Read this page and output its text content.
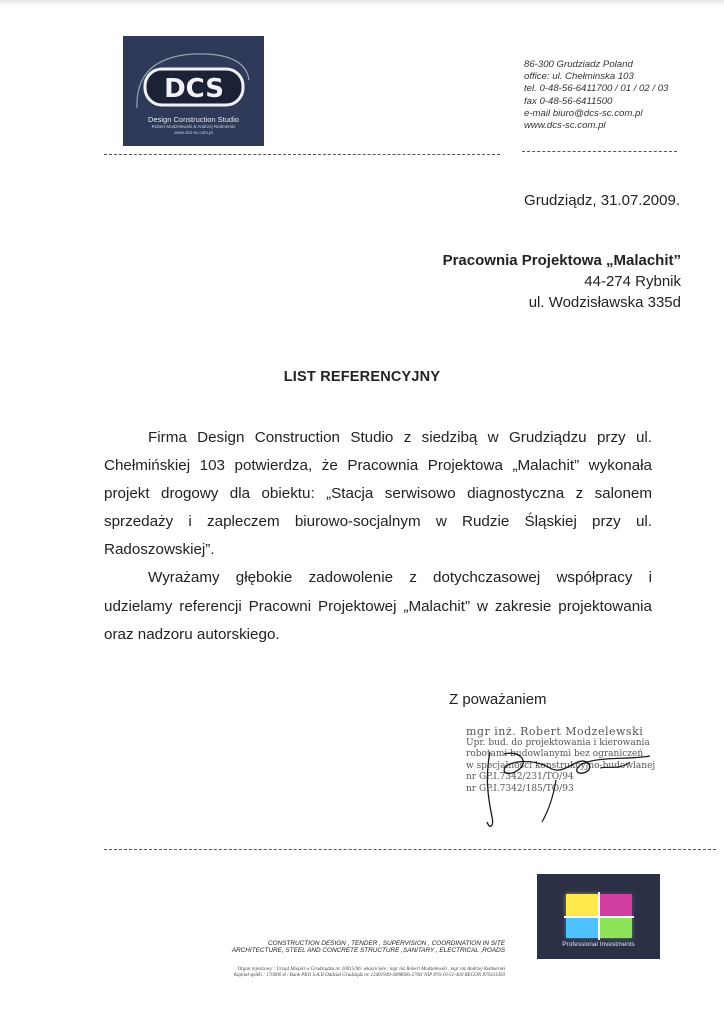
DCS
Design Construction Studio
Robert Modzelewski & Andrzej Redmerski
www.dcs-sc.com.pl
86-300 Grudziadz Poland
office: ul. Chełminska 103
tel. 0-48-56-6411700 / 01 / 02 / 03
fax 0-48-56-6411500
e-mail biuro@dcs-sc.com.pl
www.dcs-sc.com.pl
Grudziądz, 31.07.2009.
Pracownia Projektowa „Malachit”
44-274 Rybnik
ul. Wodzisławska 335d
LIST REFERENCYJNY

Firma Design Construction Studio z siedzibą w Grudziądzu przy ul. Chełmińskiej 103 potwierdza, że Pracownia Projektowa „Malachit” wykonała projekt drogowy dla obiektu: „Stacja serwisowo diagnostyczna z salonem sprzedaży i zapleczem biurowo-socjalnym w Rudzie Śląskiej przy ul. Radoszowskiej”.

Wyrażamy głębokie zadowolenie z dotychczasowej współpracy i udzielamy referencji Pracowni Projektowej „Malachit” w zakresie projektowania oraz nadzoru autorskiego.

Z poważaniem
mgr inż. Robert Modzelewski
Upr. bud. do projektowania i kierowania
robotami budowlanymi bez ograniczeń
w specjalności konstrukcyjno-budowlanej
nr GP.I.7342/231/TO/94
nr GP.I.7342/185/TO/93
CONSTRUCTION DESIGN , TENDER , SUPERVISION , COORDINATION IN SITE
ARCHITECTURE, STEEL AND CONCRETE STRUCTURE ,SANITARY , ELECTRICAL ,ROADS
Organ rejestrowy : Urząd Miejski w Grudziądzu nr. 10015/96: właściciele : mgr inż Robert Modzelewski , mgr inż Andrzej Redmerski
Kapitał spółki : 170000 zł / Bank PKO S.A.II Oddział Grudziądz nr. 12401949-4008606-2700/ NIP 876-10-51-469 REGON 870331450
Professional Investments
